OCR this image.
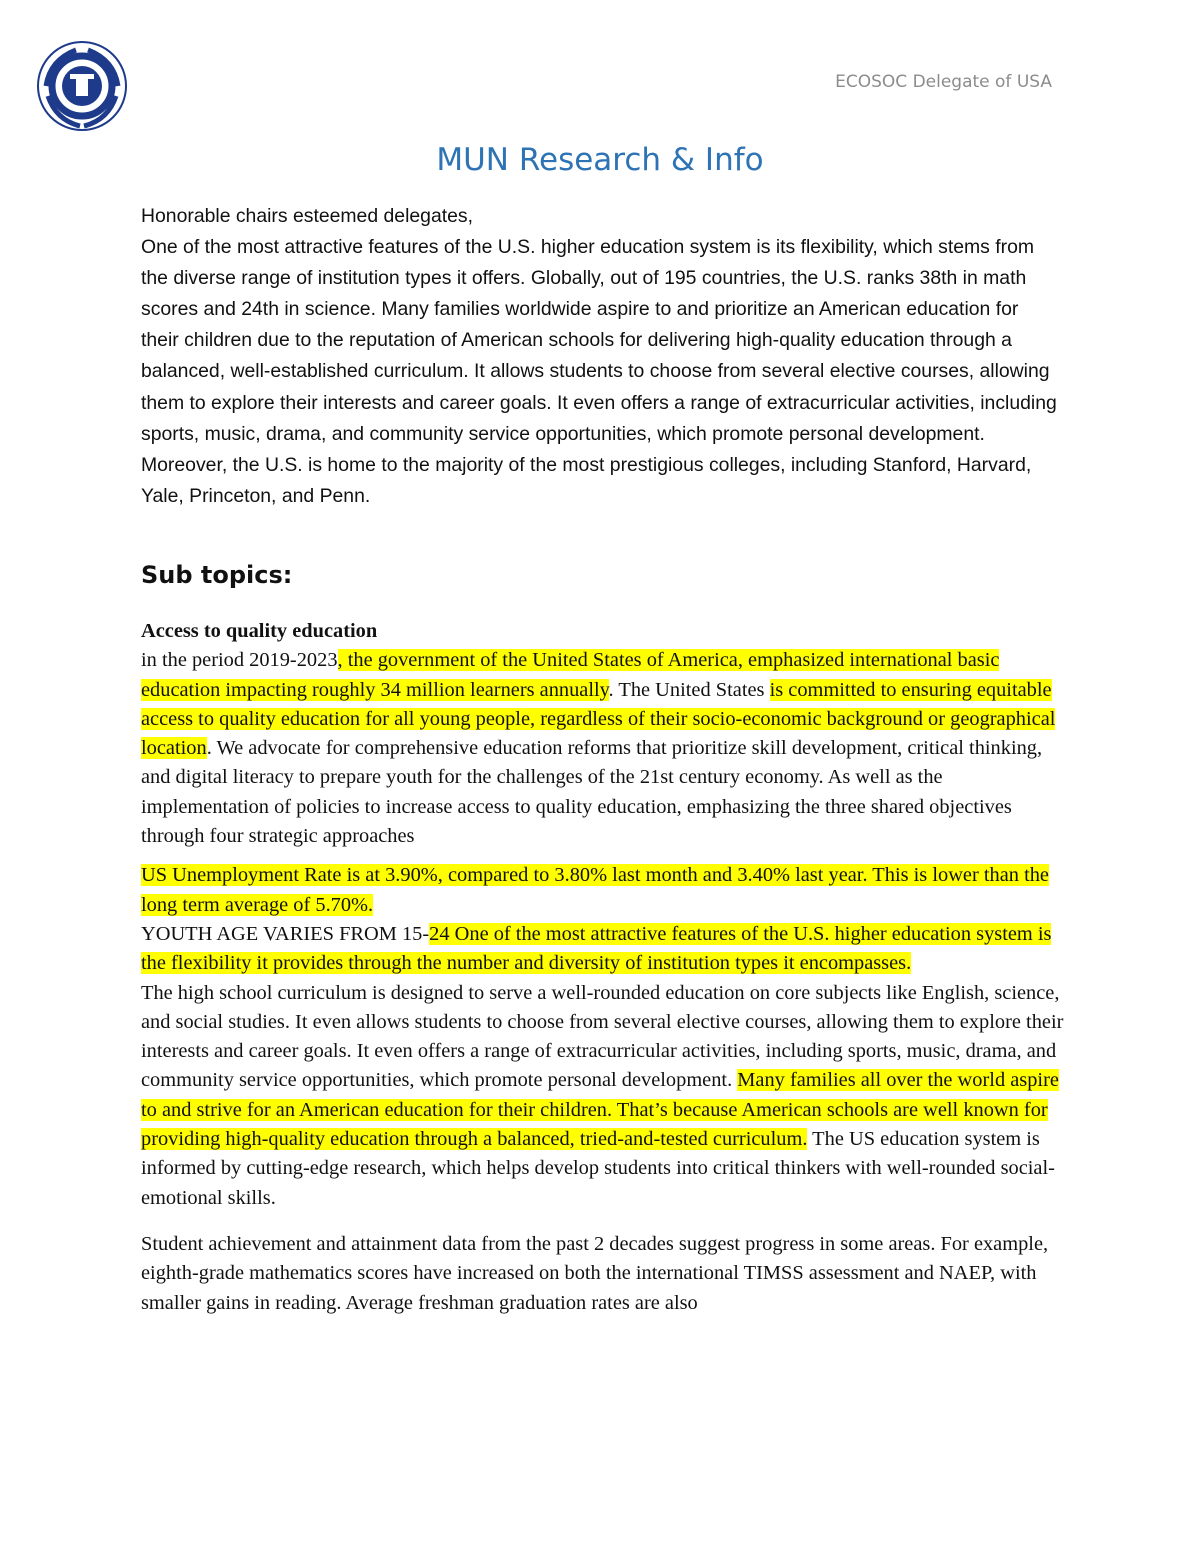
ECOSOC Delegate of USA
MUN Research & Info

Honorable chairs esteemed delegates,

One of the most attractive features of the U.S. higher education system is its flexibility, which stems from the diverse range of institution types it offers. Globally, out of 195 countries, the U.S. ranks 38th in math scores and 24th in science. Many families worldwide aspire to and prioritize an American education for their children due to the reputation of American schools for delivering high-quality education through a balanced, well-established curriculum. It allows students to choose from several elective courses, allowing them to explore their interests and career goals. It even offers a range of extracurricular activities, including sports, music, drama, and community service opportunities, which promote personal development. Moreover, the U.S. is home to the majority of the most prestigious colleges, including Stanford, Harvard, Yale, Princeton, and Penn.

Sub topics:

Access to quality education

in the period 2019-2023, the government of the United States of America, emphasized international basic education impacting roughly 34 million learners annually. The United States is committed to ensuring equitable access to quality education for all young people, regardless of their socio-economic background or geographical location. We advocate for comprehensive education reforms that prioritize skill development, critical thinking, and digital literacy to prepare youth for the challenges of the 21st century economy. As well as the implementation of policies to increase access to quality education, emphasizing the three shared objectives through four strategic approaches

US Unemployment Rate is at 3.90%, compared to 3.80% last month and 3.40% last year. This is lower than the long term average of 5.70%.

YOUTH AGE VARIES FROM 15-24 One of the most attractive features of the U.S. higher education system is the flexibility it provides through the number and diversity of institution types it encompasses.

The high school curriculum is designed to serve a well-rounded education on core subjects like English, science, and social studies. It even allows students to choose from several elective courses, allowing them to explore their interests and career goals. It even offers a range of extracurricular activities, including sports, music, drama, and community service opportunities, which promote personal development. Many families all over the world aspire to and strive for an American education for their children. That’s because American schools are well known for providing high-quality education through a balanced, tried-and-tested curriculum. The US education system is informed by cutting-edge research, which helps develop students into critical thinkers with well-rounded social-emotional skills.

Student achievement and attainment data from the past 2 decades suggest progress in some areas. For example, eighth-grade mathematics scores have increased on both the international TIMSS assessment and NAEP, with smaller gains in reading. Average freshman graduation rates are also
